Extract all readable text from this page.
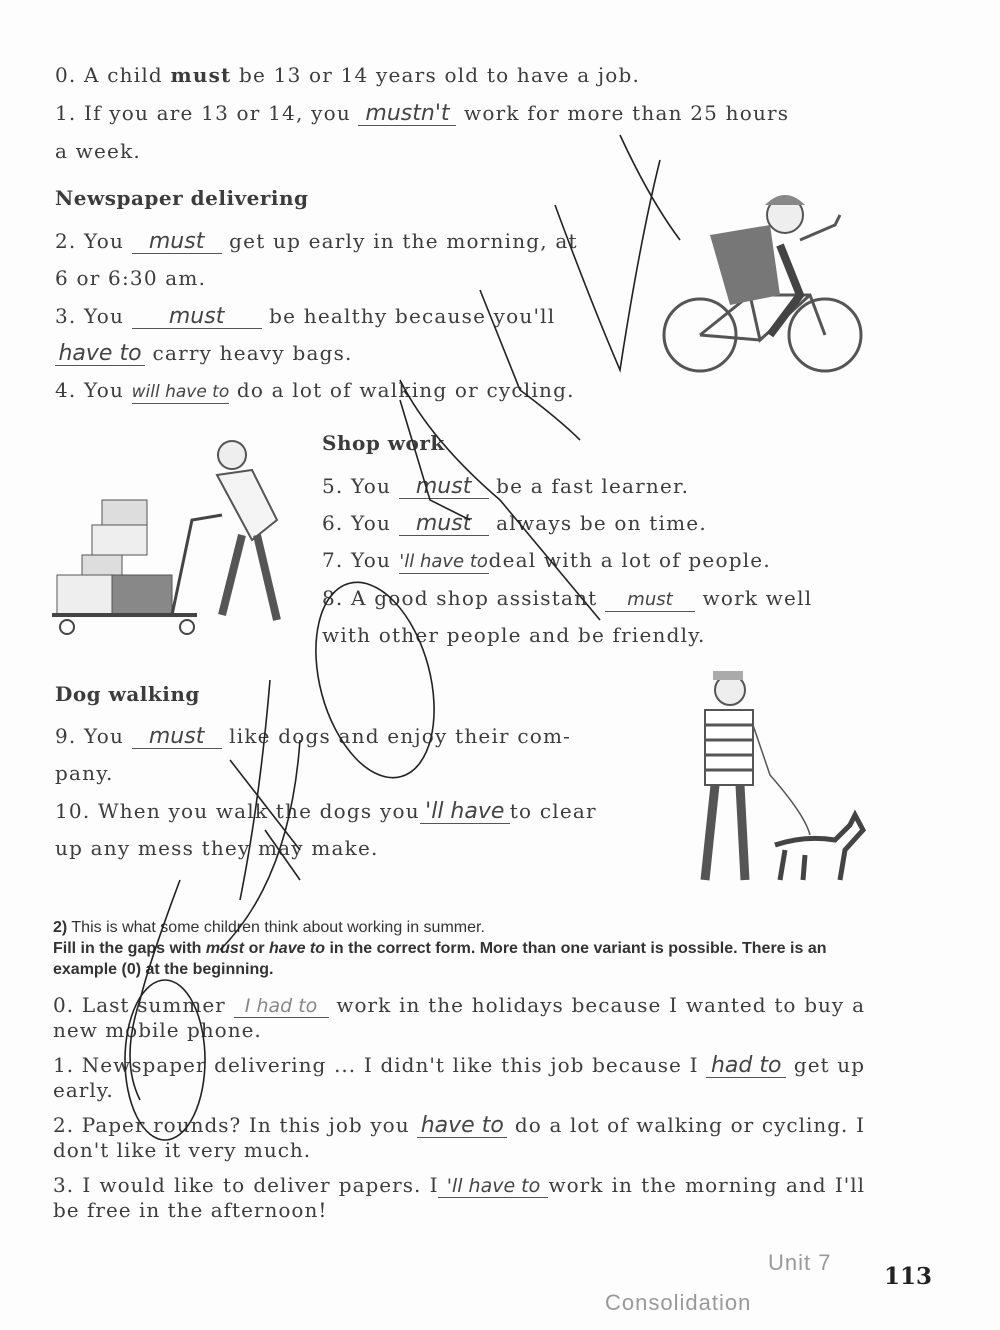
0. A child must be 13 or 14 years old to have a job.
1. If you are 13 or 14, you mustn't work for more than 25 hours
a week.
Newspaper delivering
2. You must get up early in the morning, at
6 or 6:30 am.
3. You must be healthy because you'll
have to carry heavy bags.
4. You will have to do a lot of walking or cycling.
Shop work
5. You must be a fast learner.
6. You must always be on time.
7. You 'll have todeal with a lot of people.
8. A good shop assistant must work well
with other people and be friendly.
Dog walking
9. You must like dogs and enjoy their com-
pany.
10. When you walk the dogs you 'll have to clear
up any mess they may make.
2) This is what some children think about working in summer.
Fill in the gaps with must or have to in the correct form. More than one variant is possible. There is an example (0) at the beginning.
0. Last summer I had to work in the holidays because I wanted to buy a new mobile phone.
1. Newspaper delivering ... I didn't like this job because I had to get up early.
2. Paper rounds? In this job you have to do a lot of walking or cycling. I don't like it very much.
3. I would like to deliver papers. I 'll have to work in the morning and I'll be free in the afternoon!
Unit 7
Consolidation
113
